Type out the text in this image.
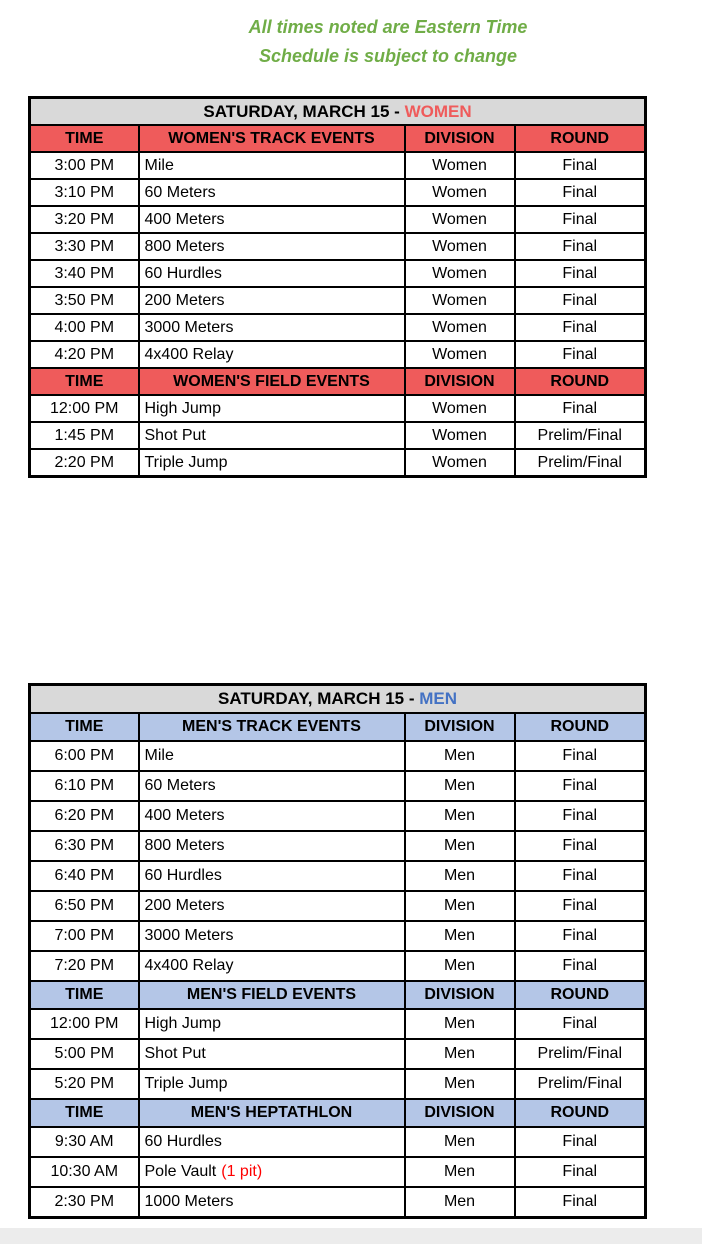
All times noted are Eastern Time
Schedule is subject to change
SATURDAY, MARCH 15 - WOMEN			
TIME	WOMEN'S TRACK EVENTS	DIVISION	ROUND
3:00 PM	Mile	Women	Final
3:10 PM	60 Meters	Women	Final
3:20 PM	400 Meters	Women	Final
3:30 PM	800 Meters	Women	Final
3:40 PM	60 Hurdles	Women	Final
3:50 PM	200 Meters	Women	Final
4:00 PM	3000 Meters	Women	Final
4:20 PM	4x400 Relay	Women	Final
TIME	WOMEN'S FIELD EVENTS	DIVISION	ROUND
12:00 PM	High Jump	Women	Final
1:45 PM	Shot Put	Women	Prelim/Final
2:20 PM	Triple Jump	Women	Prelim/Final
SATURDAY, MARCH 15 - MEN			
TIME	MEN'S TRACK EVENTS	DIVISION	ROUND
6:00 PM	Mile	Men	Final
6:10 PM	60 Meters	Men	Final
6:20 PM	400 Meters	Men	Final
6:30 PM	800 Meters	Men	Final
6:40 PM	60 Hurdles	Men	Final
6:50 PM	200 Meters	Men	Final
7:00 PM	3000 Meters	Men	Final
7:20 PM	4x400 Relay	Men	Final
TIME	MEN'S FIELD EVENTS	DIVISION	ROUND
12:00 PM	High Jump	Men	Final
5:00 PM	Shot Put	Men	Prelim/Final
5:20 PM	Triple Jump	Men	Prelim/Final
TIME	MEN'S HEPTATHLON	DIVISION	ROUND
9:30 AM	60 Hurdles	Men	Final
10:30 AM	Pole Vault (1 pit)	Men	Final
2:30 PM	1000 Meters	Men	Final
